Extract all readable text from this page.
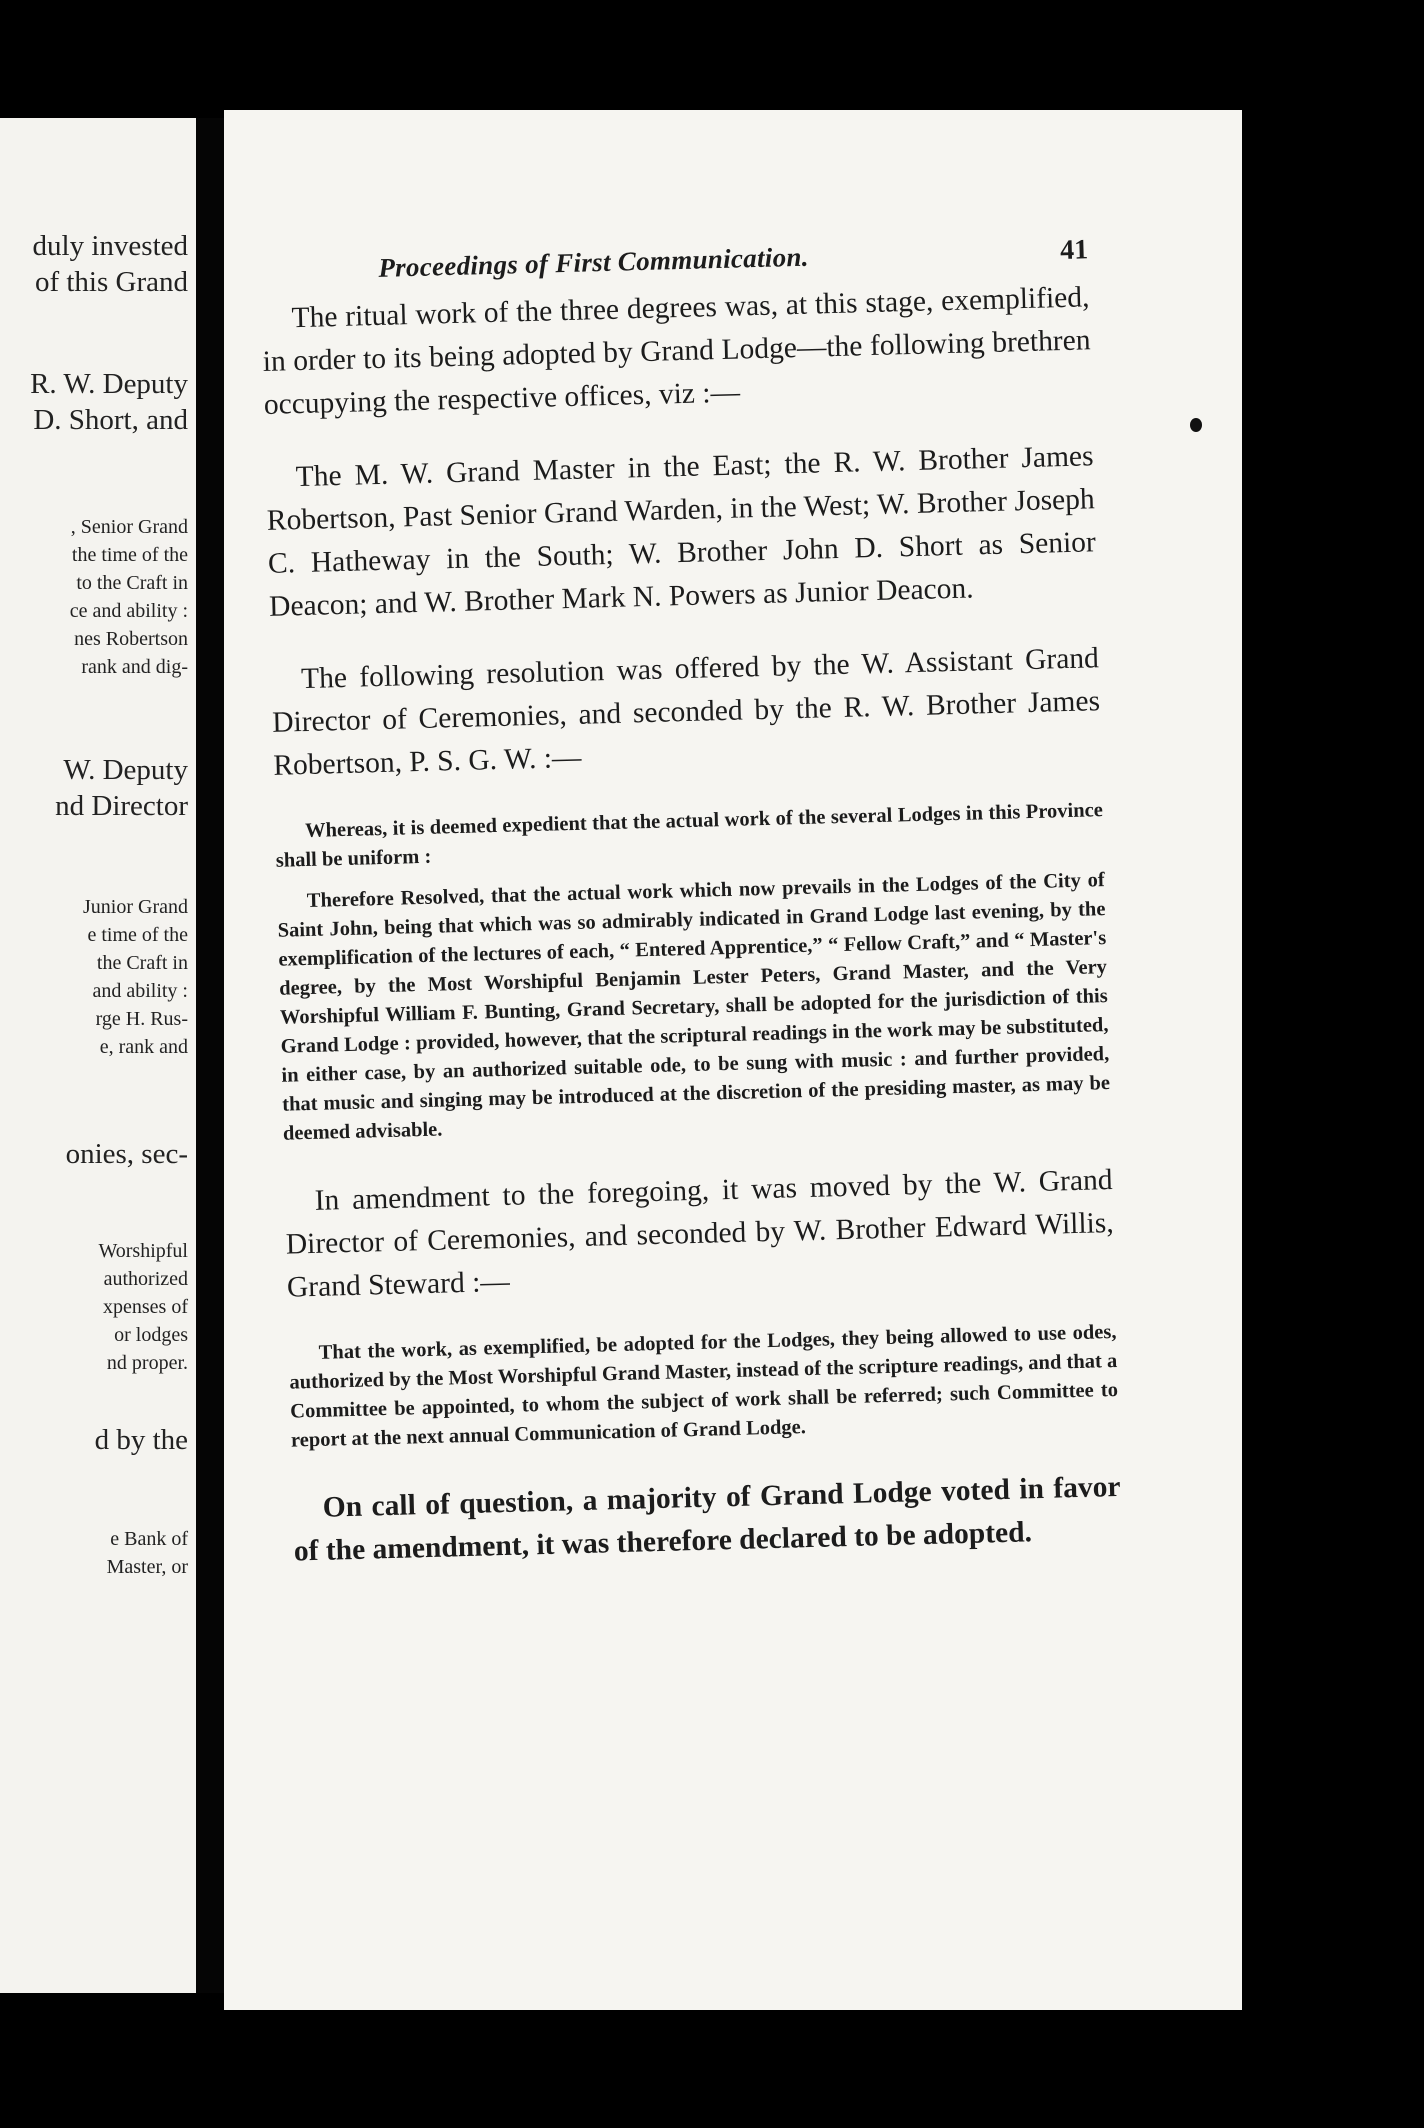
duly invested
of this Grand
R. W. Deputy
D. Short, and
, Senior Grand
the time of the
to the Craft in
ce and ability :
nes Robertson
rank and dig-
W. Deputy
nd Director
Junior Grand
e time of the
the Craft in
and ability :
rge H. Rus-
e, rank and
onies, sec-
Worshipful
authorized
xpenses of
or lodges
nd proper.
d by the
e Bank of
Master, or
Proceedings of First Communication.	41

The ritual work of the three degrees was, at this stage, exemplified, in order to its being adopted by Grand Lodge—the following brethren occupying the respective offices, viz :—

The M. W. Grand Master in the East; the R. W. Brother James Robertson, Past Senior Grand Warden, in the West; W. Brother Joseph C. Hatheway in the South; W. Brother John D. Short as Senior Deacon; and W. Brother Mark N. Powers as Junior Deacon.

The following resolution was offered by the W. Assistant Grand Director of Ceremonies, and seconded by the R. W. Brother James Robertson, P. S. G. W. :—

Whereas, it is deemed expedient that the actual work of the several Lodges in this Province shall be uniform :

Therefore Resolved, that the actual work which now prevails in the Lodges of the City of Saint John, being that which was so admirably indicated in Grand Lodge last evening, by the exemplification of the lectures of each, “ Entered Apprentice,” “ Fellow Craft,” and “ Master's degree, by the Most Worshipful Benjamin Lester Peters, Grand Master, and the Very Worshipful William F. Bunting, Grand Secretary, shall be adopted for the jurisdiction of this Grand Lodge : provided, however, that the scriptural readings in the work may be substituted, in either case, by an authorized suitable ode, to be sung with music : and further provided, that music and singing may be introduced at the discretion of the presiding master, as may be deemed advisable.

In amendment to the foregoing, it was moved by the W. Grand Director of Ceremonies, and seconded by W. Brother Edward Willis, Grand Steward :—

That the work, as exemplified, be adopted for the Lodges, they being allowed to use odes, authorized by the Most Worshipful Grand Master, instead of the scripture readings, and that a Committee be appointed, to whom the subject of work shall be referred; such Committee to report at the next annual Communication of Grand Lodge.

On call of question, a majority of Grand Lodge voted in favor of the amendment, it was therefore declared to be adopted.
